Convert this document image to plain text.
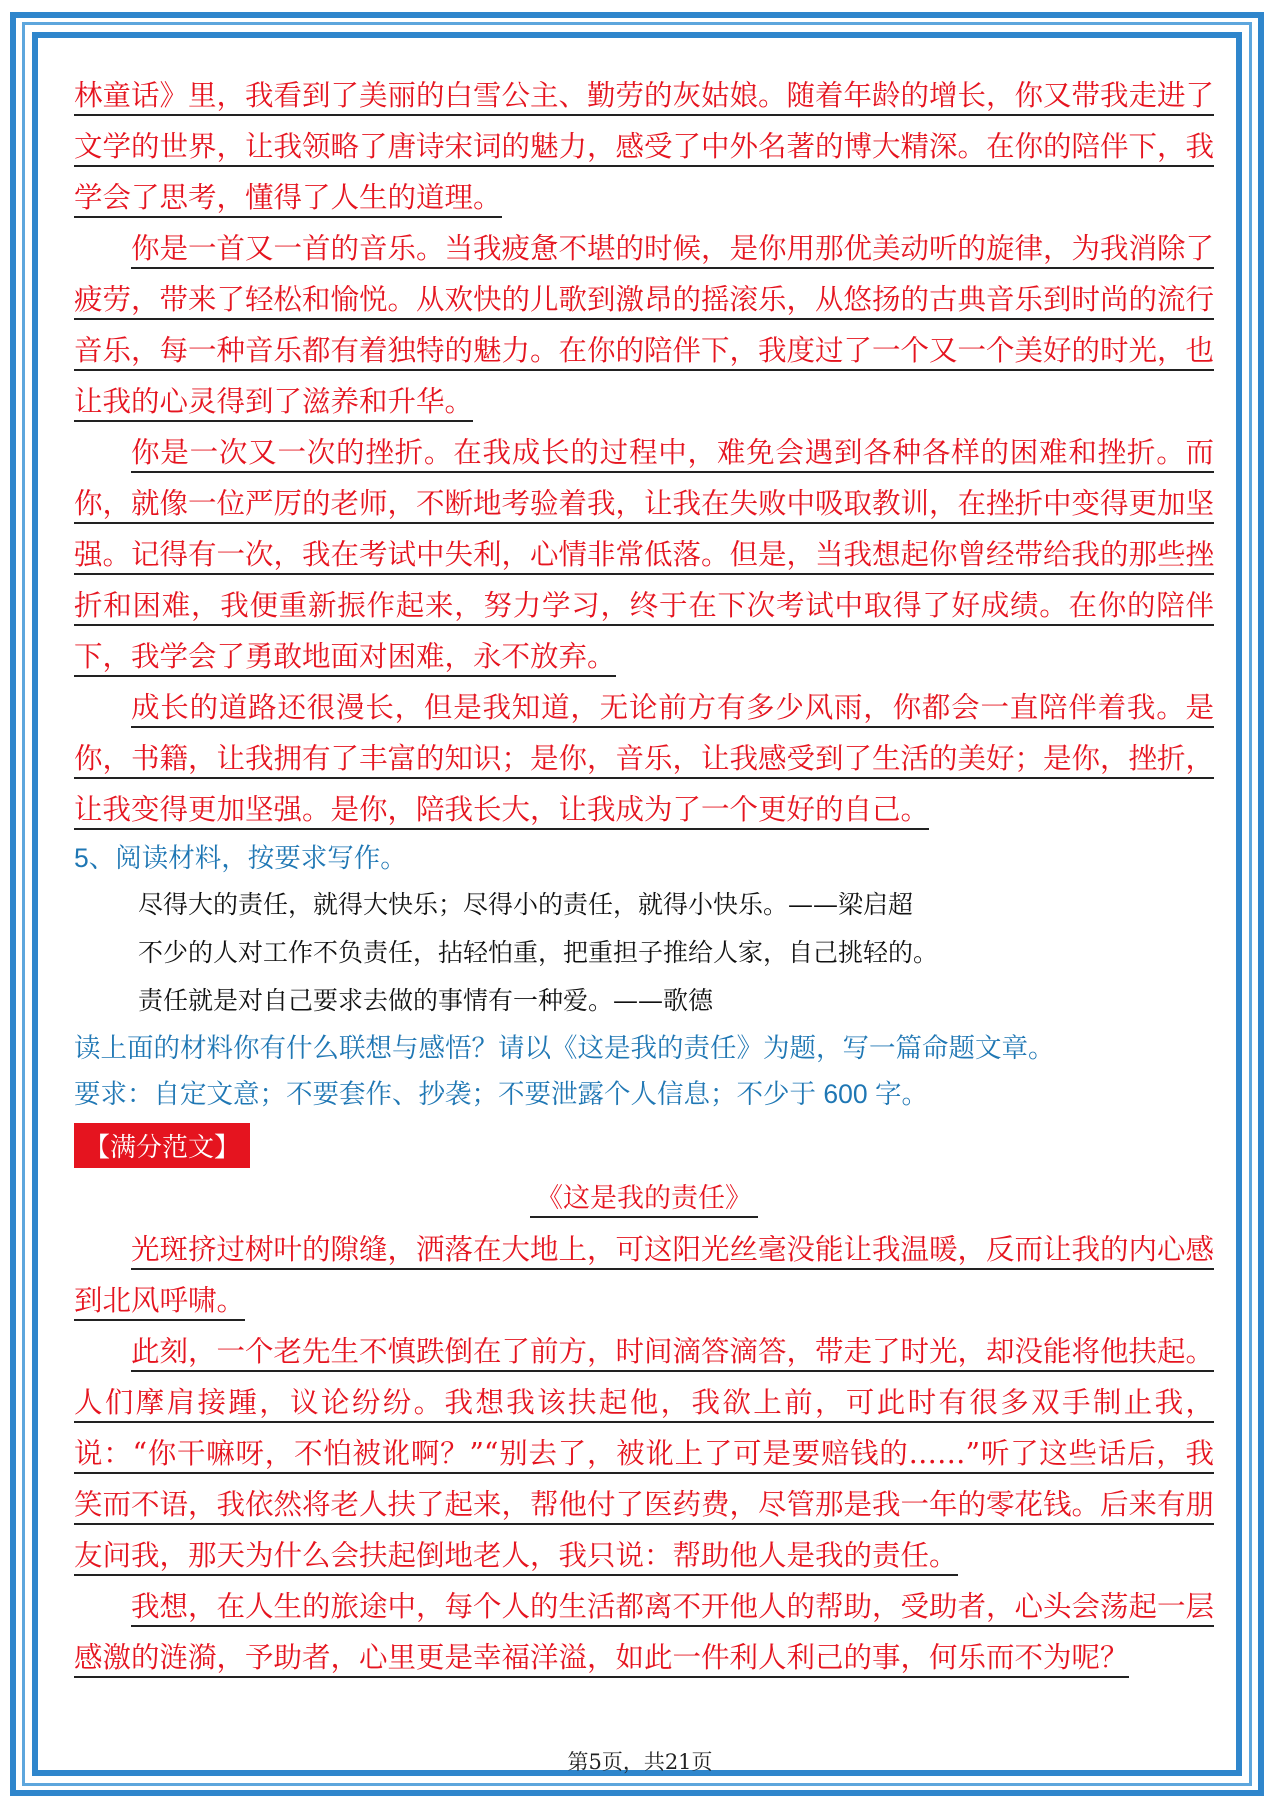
林童话》里，我看到了美丽的白雪公主、勤劳的灰姑娘。随着年龄的增长，你又带我走进了文学的世界，让我领略了唐诗宋词的魅力，感受了中外名著的博大精深。在你的陪伴下，我学会了思考，懂得了人生的道理。

你是一首又一首的音乐。当我疲惫不堪的时候，是你用那优美动听的旋律，为我消除了疲劳，带来了轻松和愉悦。从欢快的儿歌到激昂的摇滚乐，从悠扬的古典音乐到时尚的流行音乐，每一种音乐都有着独特的魅力。在你的陪伴下，我度过了一个又一个美好的时光，也让我的心灵得到了滋养和升华。

你是一次又一次的挫折。在我成长的过程中，难免会遇到各种各样的困难和挫折。而你，就像一位严厉的老师，不断地考验着我，让我在失败中吸取教训，在挫折中变得更加坚强。记得有一次，我在考试中失利，心情非常低落。但是，当我想起你曾经带给我的那些挫折和困难，我便重新振作起来，努力学习，终于在下次考试中取得了好成绩。在你的陪伴下，我学会了勇敢地面对困难，永不放弃。

成长的道路还很漫长，但是我知道，无论前方有多少风雨，你都会一直陪伴着我。是你，书籍，让我拥有了丰富的知识；是你，音乐，让我感受到了生活的美好；是你，挫折，让我变得更加坚强。是你，陪我长大，让我成为了一个更好的自己。

5、阅读材料，按要求写作。

尽得大的责任，就得大快乐；尽得小的责任，就得小快乐。——梁启超

不少的人对工作不负责任，拈轻怕重，把重担子推给人家，自己挑轻的。

责任就是对自己要求去做的事情有一种爱。——歌德

读上面的材料你有什么联想与感悟？请以《这是我的责任》为题，写一篇命题文章。

要求：自定文意；不要套作、抄袭；不要泄露个人信息；不少于 600 字。

【满分范文】

《这是我的责任》

光斑挤过树叶的隙缝，洒落在大地上，可这阳光丝毫没能让我温暖，反而让我的内心感到北风呼啸。

此刻，一个老先生不慎跌倒在了前方，时间滴答滴答，带走了时光，却没能将他扶起。人们摩肩接踵，议论纷纷。我想我该扶起他，我欲上前，可此时有很多双手制止我，说：“你干嘛呀，不怕被讹啊？”“别去了，被讹上了可是要赔钱的……”听了这些话后，我笑而不语，我依然将老人扶了起来，帮他付了医药费，尽管那是我一年的零花钱。后来有朋友问我，那天为什么会扶起倒地老人，我只说：帮助他人是我的责任。

我想，在人生的旅途中，每个人的生活都离不开他人的帮助，受助者，心头会荡起一层感激的涟漪，予助者，心里更是幸福洋溢，如此一件利人利己的事，何乐而不为呢？

第5页，共21页
